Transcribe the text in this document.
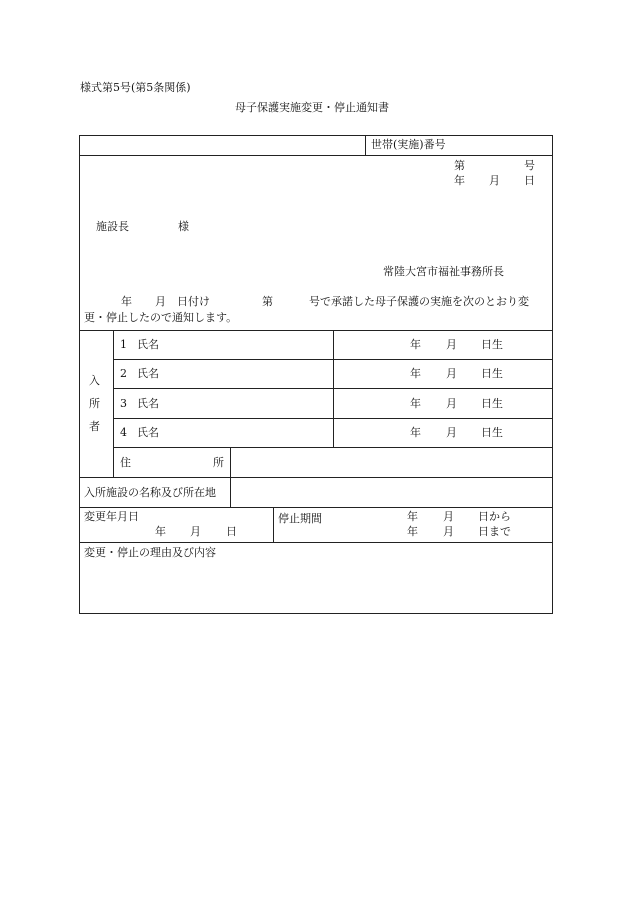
様式第5号(第5条関係)
母子保護実施変更・停止通知書
世帯(実施)番号
第	号
年 月 日
施設長	様
常陸大宮市福祉事務所長
年 月 日付け	第	号で承諾した母子保護の実施を次のとおり変
更・停止したので通知します。
入
所
者
1 氏名	年 月 日生
2 氏名	年 月 日生
3 氏名	年 月 日生
4 氏名	年 月 日生
住	所
入所施設の名称及び所在地
変更年月日
年 月 日
停止期間	年 月 日から
年 月 日まで
変更・停止の理由及び内容
